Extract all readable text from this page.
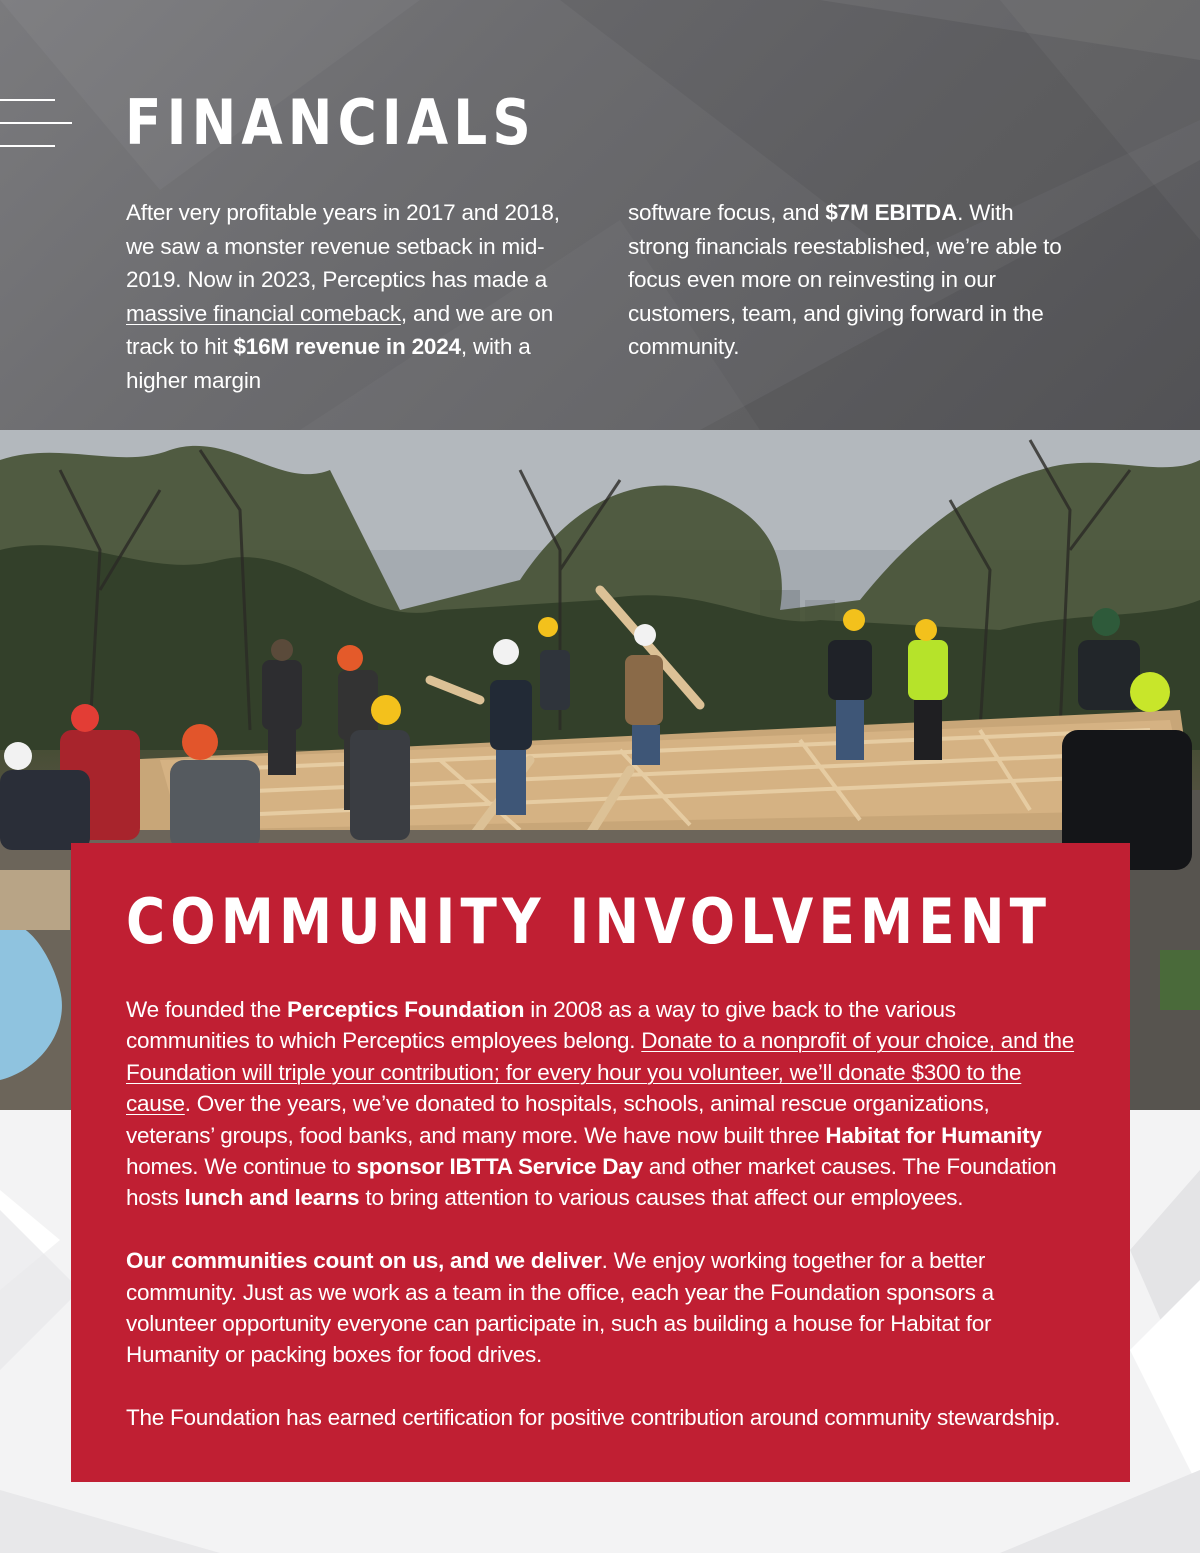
FINANCIALS
After very profitable years in 2017 and 2018, we saw a monster revenue setback in mid-2019. Now in 2023, Perceptics has made a massive financial comeback, and we are on track to hit $16M revenue in 2024, with a higher margin
software focus, and $7M EBITDA. With strong financials reestablished, we’re able to focus even more on reinvesting in our customers, team, and giving forward in the community.
COMMUNITY INVOLVEMENT

We founded the Perceptics Foundation in 2008 as a way to give back to the various communities to which Perceptics employees belong. Donate to a nonprofit of your choice, and the Foundation will triple your contribution; for every hour you volunteer, we’ll donate $300 to the cause. Over the years, we’ve donated to hospitals, schools, animal rescue organizations, veterans’ groups, food banks, and many more. We have now built three Habitat for Humanity homes. We continue to sponsor IBTTA Service Day and other market causes. The Foundation hosts lunch and learns to bring attention to various causes that affect our employees.

Our communities count on us, and we deliver. We enjoy working together for a better community. Just as we work as a team in the office, each year the Foundation sponsors a volunteer opportunity everyone can participate in, such as building a house for Habitat for Humanity or packing boxes for food drives.

The Foundation has earned certification for positive contribution around community stewardship.
